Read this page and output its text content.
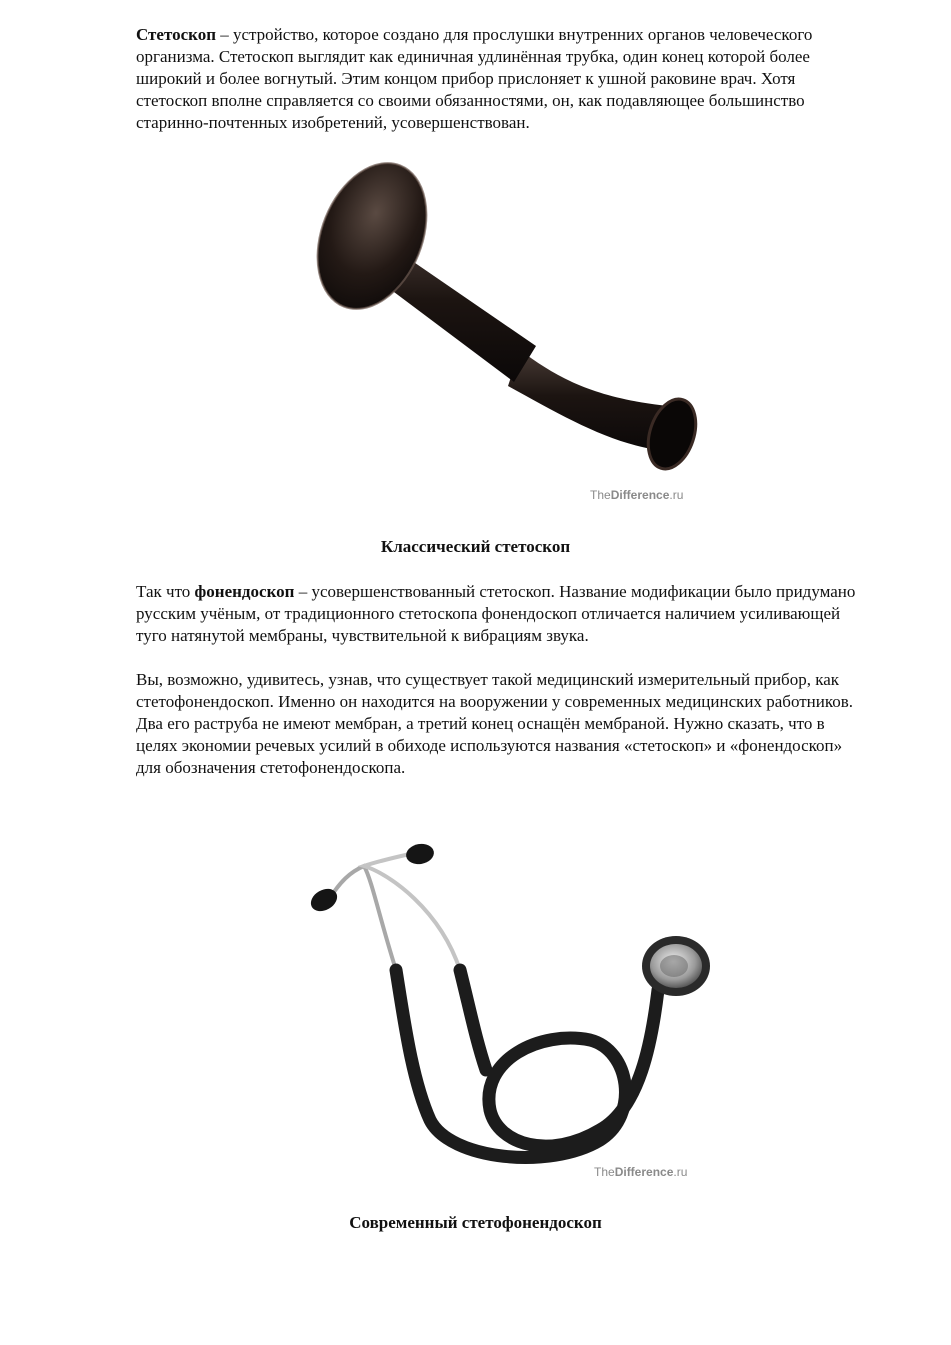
Стетоскоп – устройство, которое создано для прослушки внутренних органов человеческого организма. Стетоскоп выглядит как единичная удлинённая трубка, один конец которой более широкий и более вогнутый. Этим концом прибор прислоняет к ушной раковине врач. Хотя стетоскоп вполне справляется со своими обязанностями, он, как подавляющее большинство старинно-почтенных изобретений, усовершенствован.

TheDifference.ru

Классический стетоскоп

Так что фонендоскоп – усовершенствованный стетоскоп. Название модификации было придумано русским учёным, от традиционного стетоскопа фонендоскоп отличается наличием усиливающей туго натянутой мембраны, чувствительной к вибрациям звука.

Вы, возможно, удивитесь, узнав, что существует такой медицинский измерительный прибор, как стетофонендоскоп. Именно он находится на вооружении у современных медицинских работников. Два его раструба не имеют мембран, а третий конец оснащён мембраной. Нужно сказать, что в целях экономии речевых усилий в обиходе используются названия «стетоскоп» и «фонендоскоп» для обозначения стетофонендоскопа.

TheDifference.ru

Современный стетофонендоскоп
